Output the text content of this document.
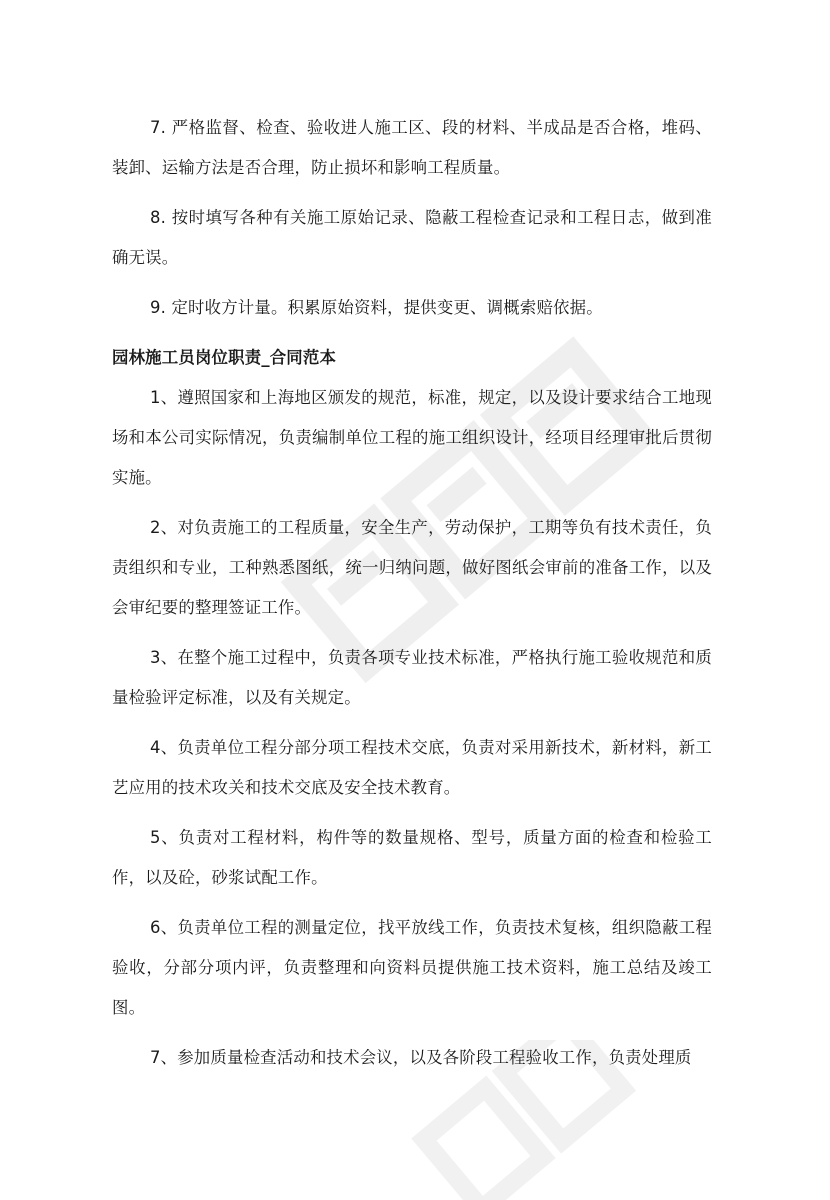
7. 严格监督、检查、验收进人施工区、段的材料、半成品是否合格，堆码、装卸、运输方法是否合理，防止损坏和影响工程质量。

8. 按时填写各种有关施工原始记录、隐蔽工程检查记录和工程日志，做到准确无误。

9. 定时收方计量。积累原始资料，提供变更、调概索赔依据。

园林施工员岗位职责_合同范本

1、遵照国家和上海地区颁发的规范，标准，规定，以及设计要求结合工地现场和本公司实际情况，负责编制单位工程的施工组织设计，经项目经理审批后贯彻实施。

2、对负责施工的工程质量，安全生产，劳动保护，工期等负有技术责任，负责组织和专业，工种熟悉图纸，统一归纳问题，做好图纸会审前的准备工作，以及会审纪要的整理签证工作。

3、在整个施工过程中，负责各项专业技术标准，严格执行施工验收规范和质量检验评定标准，以及有关规定。

4、负责单位工程分部分项工程技术交底，负责对采用新技术，新材料，新工艺应用的技术攻关和技术交底及安全技术教育。

5、负责对工程材料，构件等的数量规格、型号，质量方面的检查和检验工作，以及砼，砂浆试配工作。

6、负责单位工程的测量定位，找平放线工作，负责技术复核，组织隐蔽工程验收，分部分项内评，负责整理和向资料员提供施工技术资料，施工总结及竣工图。

7、参加质量检查活动和技术会议，以及各阶段工程验收工作，负责处理质
